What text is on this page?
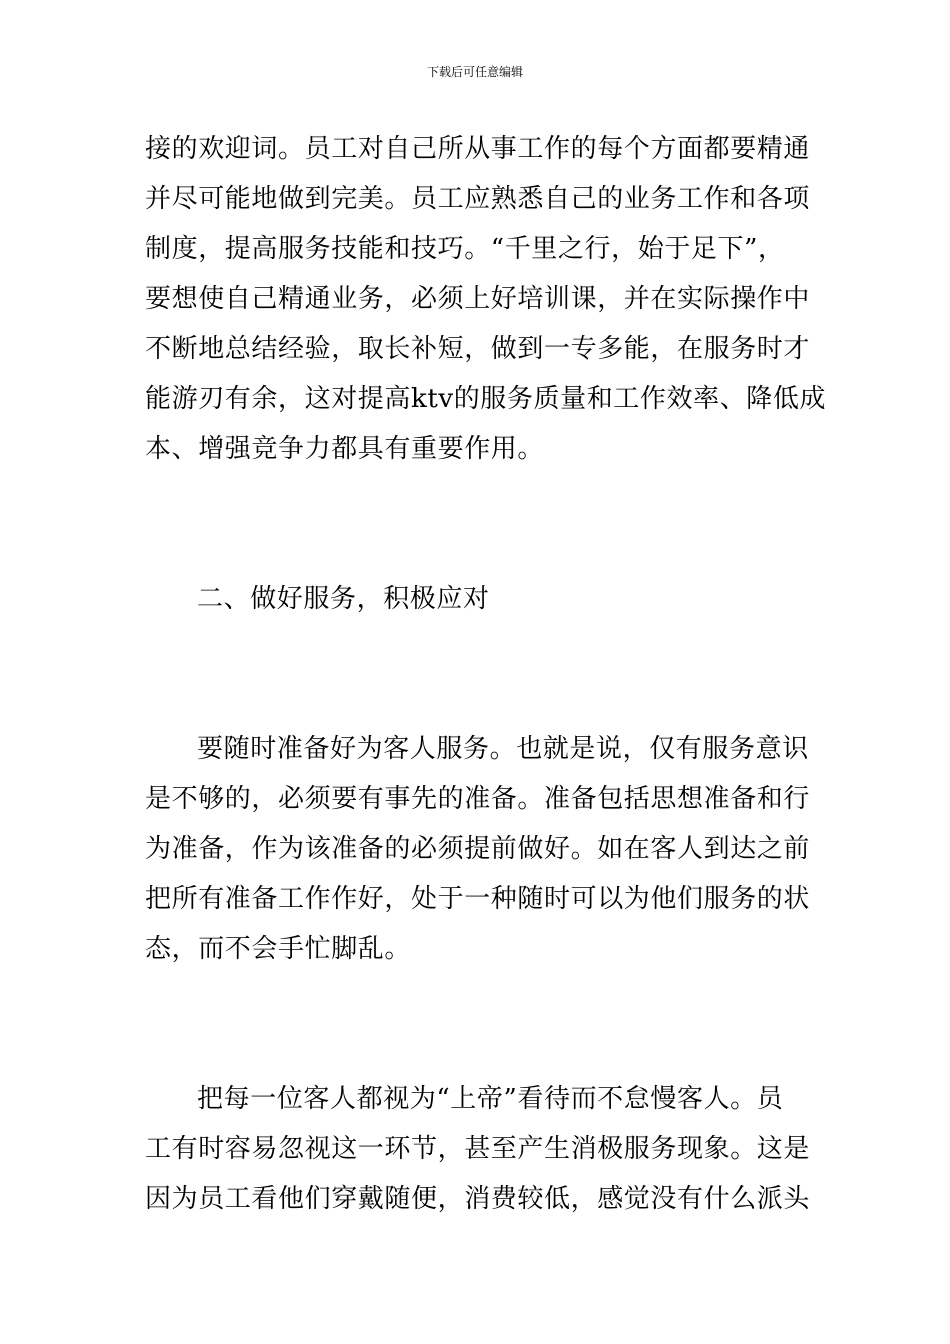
下载后可任意编辑
接的欢迎词。员工对自己所从事工作的每个方面都要精通
并尽可能地做到完美。员工应熟悉自己的业务工作和各项
制度，提高服务技能和技巧。“千里之行，始于足下”，
要想使自己精通业务，必须上好培训课，并在实际操作中
不断地总结经验，取长补短，做到一专多能，在服务时才
能游刃有余，这对提高ktv的服务质量和工作效率、降低成
本、增强竞争力都具有重要作用。
二、做好服务，积极应对
要随时准备好为客人服务。也就是说，仅有服务意识
是不够的，必须要有事先的准备。准备包括思想准备和行
为准备，作为该准备的必须提前做好。如在客人到达之前
把所有准备工作作好，处于一种随时可以为他们服务的状
态，而不会手忙脚乱。
把每一位客人都视为“上帝”看待而不怠慢客人。员
工有时容易忽视这一环节，甚至产生消极服务现象。这是
因为员工看他们穿戴随便，消费较低，感觉没有什么派头
